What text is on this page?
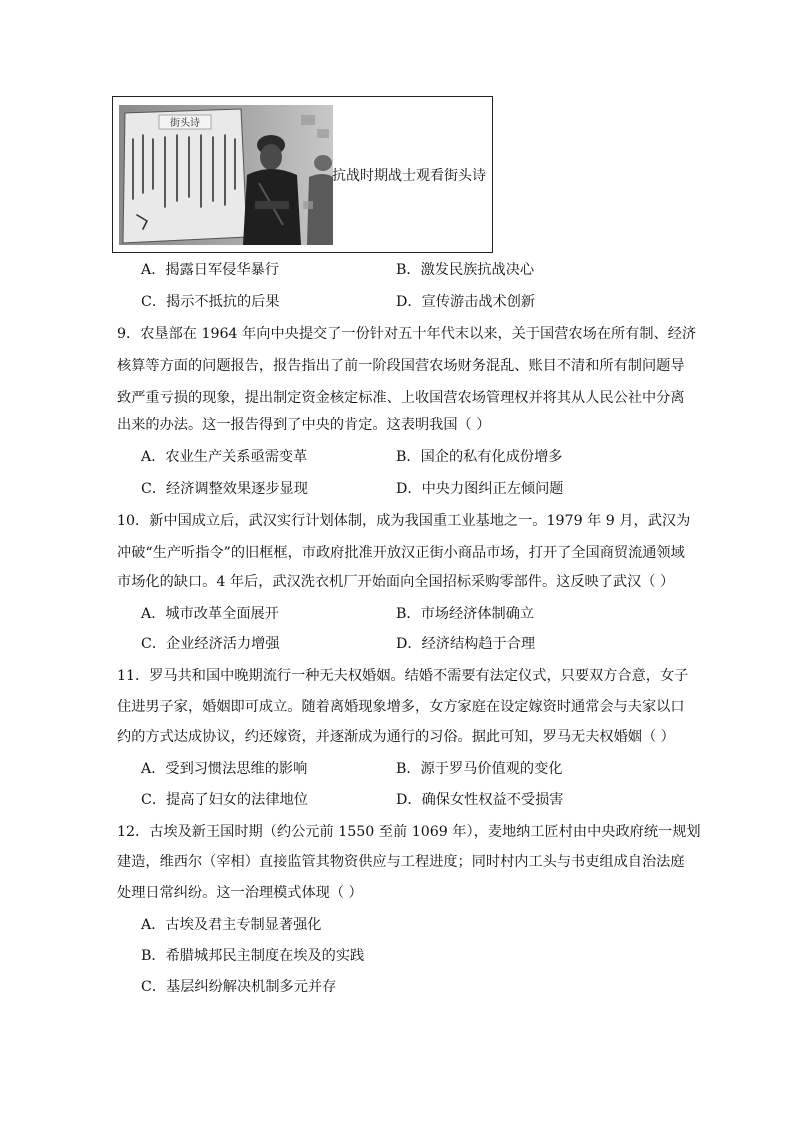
街头诗
抗战时期战士观看街头诗
A．揭露日军侵华暴行	B．激发民族抗战决心
C．揭示不抵抗的后果	D．宣传游击战术创新
9．农垦部在 1964 年向中央提交了一份针对五十年代末以来，关于国营农场在所有制、经济
核算等方面的问题报告，报告指出了前一阶段国营农场财务混乱、账目不清和所有制问题导
致严重亏损的现象，提出制定资金核定标准、上收国营农场管理权并将其从人民公社中分离
出来的办法。这一报告得到了中央的肯定。这表明我国（ ）
A．农业生产关系亟需变革	B．国企的私有化成份增多
C．经济调整效果逐步显现	D．中央力图纠正左倾问题
10．新中国成立后，武汉实行计划体制，成为我国重工业基地之一。1979 年 9 月，武汉为
冲破“生产听指令”的旧框框，市政府批准开放汉正街小商品市场，打开了全国商贸流通领域
市场化的缺口。4 年后，武汉洗衣机厂开始面向全国招标采购零部件。这反映了武汉（ ）
A．城市改革全面展开	B．市场经济体制确立
C．企业经济活力增强	D．经济结构趋于合理
11．罗马共和国中晚期流行一种无夫权婚姻。结婚不需要有法定仪式，只要双方合意，女子
住进男子家，婚姻即可成立。随着离婚现象增多，女方家庭在设定嫁资时通常会与夫家以口
约的方式达成协议，约还嫁资，并逐渐成为通行的习俗。据此可知，罗马无夫权婚姻（ ）
A．受到习惯法思维的影响	B．源于罗马价值观的变化
C．提高了妇女的法律地位	D．确保女性权益不受损害
12．古埃及新王国时期（约公元前 1550 至前 1069 年），麦地纳工匠村由中央政府统一规划
建造，维西尔（宰相）直接监管其物资供应与工程进度；同时村内工头与书吏组成自治法庭
处理日常纠纷。这一治理模式体现（ ）
A．古埃及君主专制显著强化
B．希腊城邦民主制度在埃及的实践
C．基层纠纷解决机制多元并存
